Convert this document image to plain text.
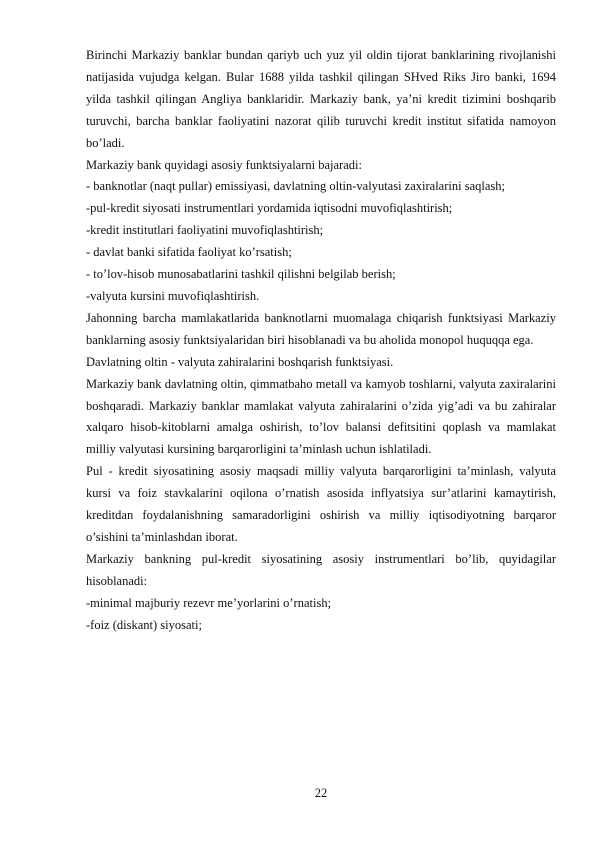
Birinchi Markaziy banklar bundan qariyb uch yuz yil oldin tijorat banklarining rivojlanishi natijasida vujudga kelgan. Bular 1688 yilda tashkil qilingan SHved Riks Jiro banki, 1694 yilda tashkil qilingan Angliya banklaridir. Markaziy bank, ya’ni kredit tizimini boshqarib turuvchi, barcha banklar faoliyatini nazorat qilib turuvchi kredit institut sifatida namoyon bo’ladi.

Markaziy bank quyidagi asosiy funktsiyalarni bajaradi:

- banknotlar (naqt pullar) emissiyasi, davlatning oltin-valyutasi zaxiralarini saqlash;

-pul-kredit siyosati instrumentlari yordamida iqtisodni muvofiqlashtirish;

-kredit institutlari faoliyatini muvofiqlashtirish;

- davlat banki sifatida faoliyat ko’rsatish;

- to’lov-hisob munosabatlarini tashkil qilishni belgilab berish;

-valyuta kursini muvofiqlashtirish.

Jahonning barcha mamlakatlarida banknotlarni muomalaga chiqarish funktsiyasi Markaziy banklarning asosiy funktsiyalaridan biri hisoblanadi va bu aholida monopol huquqqa ega.

Davlatning oltin - valyuta zahiralarini boshqarish funktsiyasi.

Markaziy bank davlatning oltin, qimmatbaho metall va kamyob toshlarni, valyuta zaxiralarini boshqaradi. Markaziy banklar mamlakat valyuta zahiralarini o’zida yig’adi va bu zahiralar xalqaro hisob-kitoblarni amalga oshirish, to’lov balansi defitsitini qoplash va mamlakat milliy valyutasi kursining barqarorligini ta’minlash uchun ishlatiladi.

Pul - kredit siyosatining asosiy maqsadi milliy valyuta barqarorligini ta’minlash, valyuta kursi va foiz stavkalarini oqilona o’rnatish asosida inflyatsiya sur’atlarini kamaytirish, kreditdan foydalanishning samaradorligini oshirish va milliy iqtisodiyotning barqaror o’sishini ta’minlashdan iborat.

Markaziy bankning pul-kredit siyosatining asosiy instrumentlari bo’lib, quyidagilar hisoblanadi:

-minimal majburiy rezevr me’yorlarini o’rnatish;

-foiz (diskant) siyosati;

22
